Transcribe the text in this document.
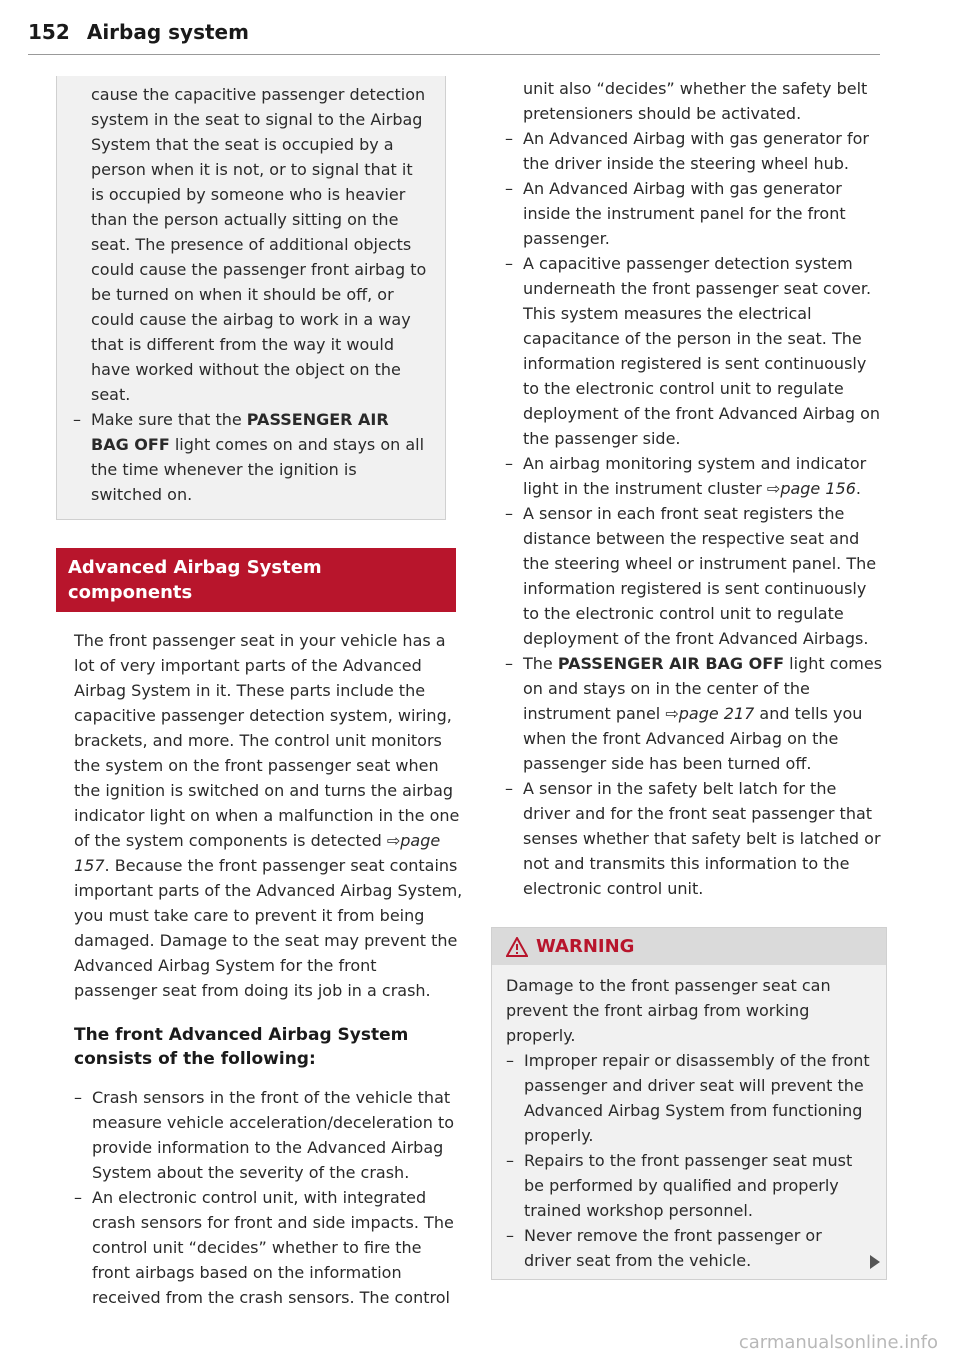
152 Airbag system

cause the capacitive passenger detection system in the seat to signal to the Airbag System that the seat is occupied by a person when it is not, or to signal that it is occupied by someone who is heavier than the person actually sitting on the seat. The presence of additional objects could cause the passenger front airbag to be turned on when it should be off, or could cause the airbag to work in a way that is different from the way it would have worked without the object on the seat.

– Make sure that the PASSENGER AIR BAG OFF light comes on and stays on all the time whenever the ignition is switched on.
Advanced Airbag System components

The front passenger seat in your vehicle has a lot of very important parts of the Advanced Airbag System in it. These parts include the capacitive passenger detection system, wiring, brackets, and more. The control unit monitors the system on the front passenger seat when the ignition is switched on and turns the airbag indicator light on when a malfunction in the one of the system components is detected ⇨page 157. Because the front passenger seat contains important parts of the Advanced Airbag System, you must take care to prevent it from being damaged. Damage to the seat may prevent the Advanced Airbag System for the front passenger seat from doing its job in a crash.

The front Advanced Airbag System consists of the following:
– Crash sensors in the front of the vehicle that measure vehicle acceleration/deceleration to provide information to the Advanced Airbag System about the severity of the crash.
– An electronic control unit, with integrated crash sensors for front and side impacts. The control unit “decides” whether to fire the front airbags based on the information received from the crash sensors. The control

unit also “decides” whether the safety belt pretensioners should be activated.

– An Advanced Airbag with gas generator for the driver inside the steering wheel hub.
– An Advanced Airbag with gas generator inside the instrument panel for the front passenger.
– A capacitive passenger detection system underneath the front passenger seat cover. This system measures the electrical capacitance of the person in the seat. The information registered is sent continuously to the electronic control unit to regulate deployment of the front Advanced Airbag on the passenger side.
– An airbag monitoring system and indicator light in the instrument cluster ⇨page 156.
– A sensor in each front seat registers the distance between the respective seat and the steering wheel or instrument panel. The information registered is sent continuously to the electronic control unit to regulate deployment of the front Advanced Airbags.
– The PASSENGER AIR BAG OFF light comes on and stays on in the center of the instrument panel ⇨page 217 and tells you when the front Advanced Airbag on the passenger side has been turned off.
– A sensor in the safety belt latch for the driver and for the front seat passenger that senses whether that safety belt is latched or not and transmits this information to the electronic control unit.
WARNING

Damage to the front passenger seat can prevent the front airbag from working properly.

– Improper repair or disassembly of the front passenger and driver seat will prevent the Advanced Airbag System from functioning properly.
– Repairs to the front passenger seat must be performed by qualified and properly trained workshop personnel.
– Never remove the front passenger or driver seat from the vehicle.
carmanualsonline.info
